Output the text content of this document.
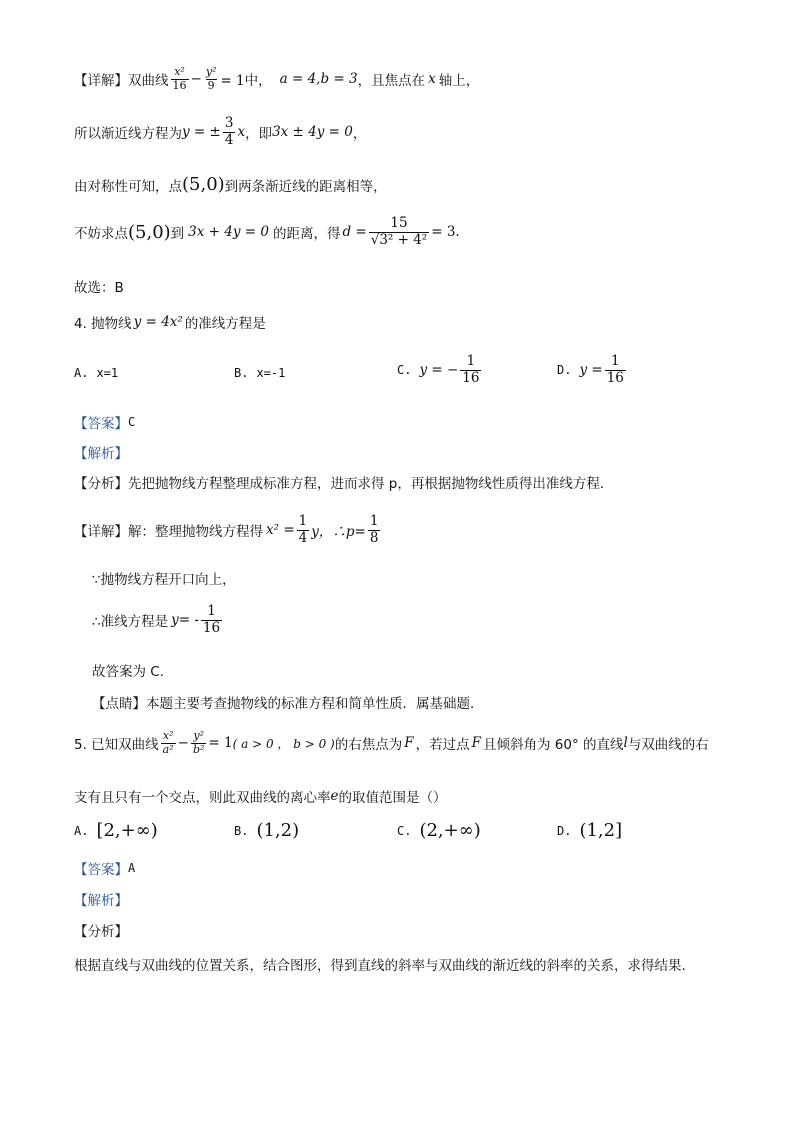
【详解】 双曲线 $\frac{\text{x²}}{16} - \frac{\text{y²}}{9} = 1$中， a = 4,b = 3 ，且焦点在 x 轴上，
所以渐近线方程为 y = ± $\frac{3}{4}$ x ，即 3x ± 4y = 0 ，
由对称性可知，点 (5,0) 到两条渐近线的距离相等，
不妨求点 (5,0) 到 3x + 4y = 0 的距离，得 $d = \frac{15}{\text{√3² + 4²}} = 3$.
故选：B
4. 抛物线 y = 4x² 的准线方程是
A. x=1	B. x=-1	C. y = − $\frac{1}{16}$	D. $y = \frac{1}{16}$
【答案】 C
【解析】
【分析】 先把抛物线方程整理成标准方程，进而求得 p，再根据抛物线性质得出准线方程．
【详解】 解：整理抛物线方程得 $x^2 = \frac{1}{4}$ y，∴p= $\frac{1}{8}$
∵抛物线方程开口向上，
∴准线方程是 $y= - \frac{1}{16}$
故答案为 C.
【点睛】 本题主要考查抛物线的标准方程和简单性质．属基础题．
5. 已知双曲线 $\frac{\text{x²}}{\text{a²}} - \frac{\text{y²}}{\text{b²}} = 1$ ( a > 0 ， b > 0 ) 的右焦点为 F ，若过点 F 且倾斜角为 60° 的直线 l 与双曲线的右
支有且只有一个交点，则此双曲线的离心率 e 的取值范围是（）
A. [2,+∞)	B. (1,2)	C. (2,+∞)	D. (1,2]
【答案】 A
【解析】
【分析】
根据直线与双曲线的位置关系，结合图形，得到直线的斜率与双曲线的渐近线的斜率的关系，求得结果.
